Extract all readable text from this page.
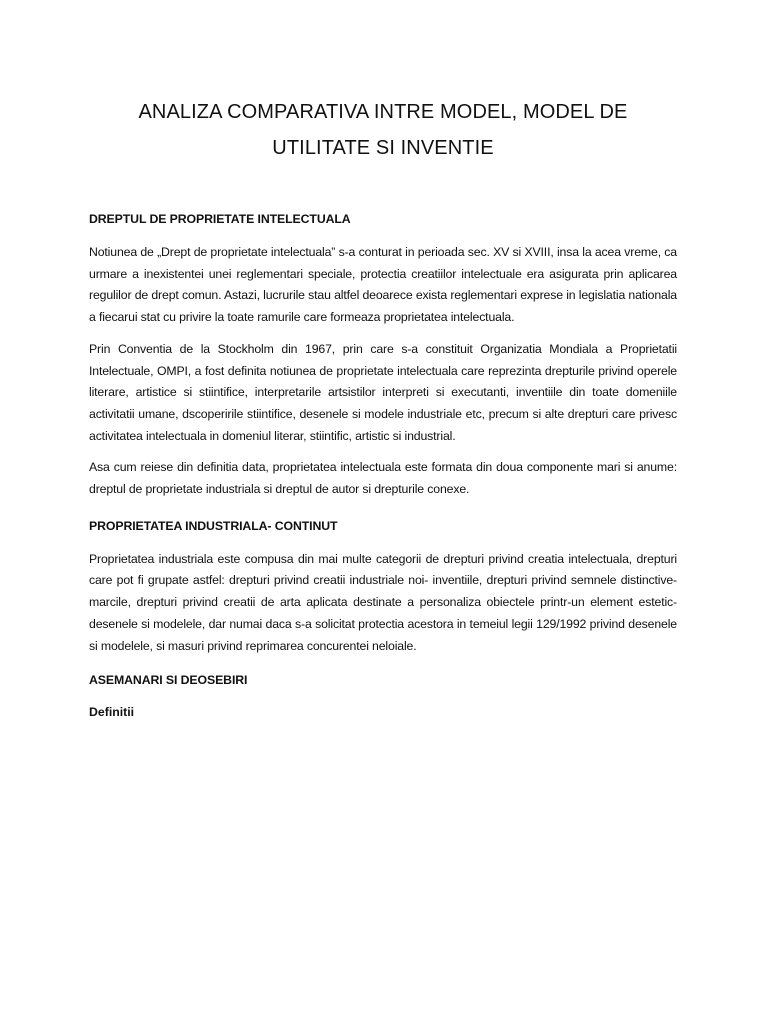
ANALIZA COMPARATIVA INTRE MODEL, MODEL DE UTILITATE SI INVENTIE
DREPTUL DE PROPRIETATE INTELECTUALA

Notiunea de „Drept de proprietate intelectuala” s-a conturat in perioada sec. XV si XVIII, insa la acea vreme, ca urmare a inexistentei unei reglementari speciale, protectia creatiilor intelectuale era asigurata prin aplicarea regulilor de drept comun. Astazi, lucrurile stau altfel deoarece exista reglementari exprese in legislatia nationala a fiecarui stat cu privire la toate ramurile care formeaza proprietatea intelectuala.

Prin Conventia de la Stockholm din 1967, prin care s-a constituit Organizatia Mondiala a Proprietatii Intelectuale, OMPI, a fost definita notiunea de proprietate intelectuala care reprezinta drepturile privind operele literare, artistice si stiintifice, interpretarile artsistilor interpreti si executanti, inventiile din toate domeniile activitatii umane, dscoperirile stiintifice, desenele si modele industriale etc, precum si alte drepturi care privesc activitatea intelectuala in domeniul literar, stiintific, artistic si industrial.

Asa cum reiese din definitia data, proprietatea intelectuala este formata din doua componente mari si anume: dreptul de proprietate industriala si dreptul de autor si drepturile conexe.

PROPRIETATEA INDUSTRIALA- CONTINUT

Proprietatea industriala este compusa din mai multe categorii de drepturi privind creatia intelectuala, drepturi care pot fi grupate astfel: drepturi privind creatii industriale noi- inventiile, drepturi privind semnele distinctive- marcile, drepturi privind creatii de arta aplicata destinate a personaliza obiectele printr-un element estetic- desenele si modelele, dar numai daca s-a solicitat protectia acestora in temeiul legii 129/1992 privind desenele si modelele, si masuri privind reprimarea concurentei neloiale.

ASEMANARI SI DEOSEBIRI
Definitii
